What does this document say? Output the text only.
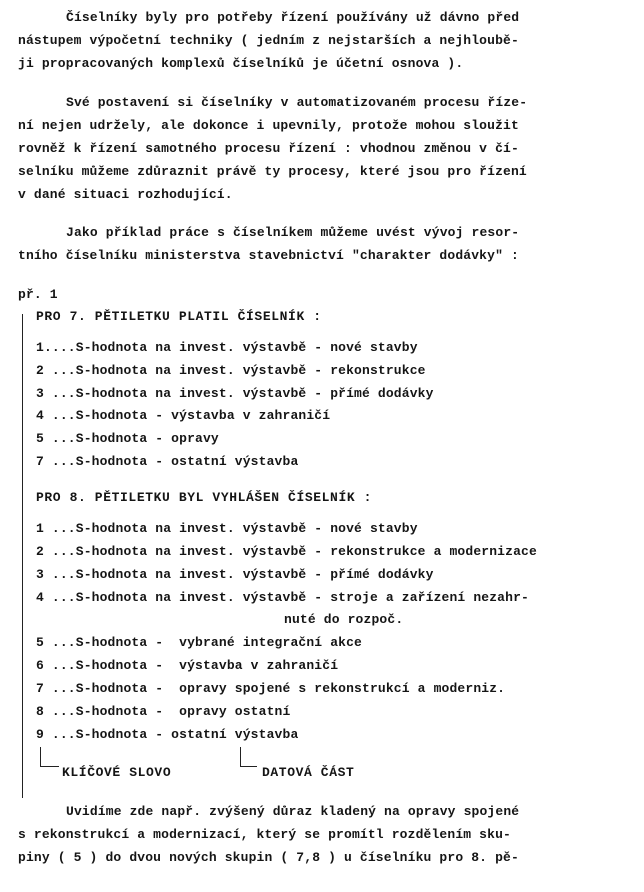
Číselníky byly pro potřeby řízení používány už dávno před
nástupem výpočetní techniky ( jedním z nejstarších a nejhloubě-
ji propracovaných komplexů číselníků je účetní osnova ).
Své postavení si číselníky v automatizovaném procesu říze-
ní nejen udržely, ale dokonce i upevnily, protože mohou sloužit
rovněž k řízení samotného procesu řízení : vhodnou změnou v čí-
selníku můžeme zdůraznit právě ty procesy, které jsou pro řízení
v dané situaci rozhodující.
Jako příklad práce s číselníkem můžeme uvést vývoj resor-
tního číselníku ministerstva stavebnictví "charakter dodávky" :
př. 1
PRO 7. PĚTILETKU PLATIL ČÍSELNÍK :
1....S-hodnota na invest. výstavbě - nové stavby
2 ...S-hodnota na invest. výstavbě - rekonstrukce
3 ...S-hodnota na invest. výstavbě - přímé dodávky
4 ...S-hodnota - výstavba v zahraničí
5 ...S-hodnota - opravy
7 ...S-hodnota - ostatní výstavba
PRO 8. PĚTILETKU BYL VYHLÁŠEN ČÍSELNÍK :
1 ...S-hodnota na invest. výstavbě - nové stavby
2 ...S-hodnota na invest. výstavbě - rekonstrukce a modernizace
3 ...S-hodnota na invest. výstavbě - přímé dodávky
4 ...S-hodnota na invest. výstavbě - stroje a zařízení nezahr-
nuté do rozpoč.
5 ...S-hodnota -  vybrané integrační akce
6 ...S-hodnota -  výstavba v zahraničí
7 ...S-hodnota -  opravy spojené s rekonstrukcí a moderniz.
8 ...S-hodnota -  opravy ostatní
9 ...S-hodnota - ostatní výstavba
KLÍČOVÉ SLOVO	DATOVÁ ČÁST
Uvidíme zde např. zvýšený důraz kladený na opravy spojené
s rekonstrukcí a modernizací, který se promítl rozdělením sku-
piny ( 5 ) do dvou nových skupin ( 7,8 ) u číselníku pro 8. pě-
